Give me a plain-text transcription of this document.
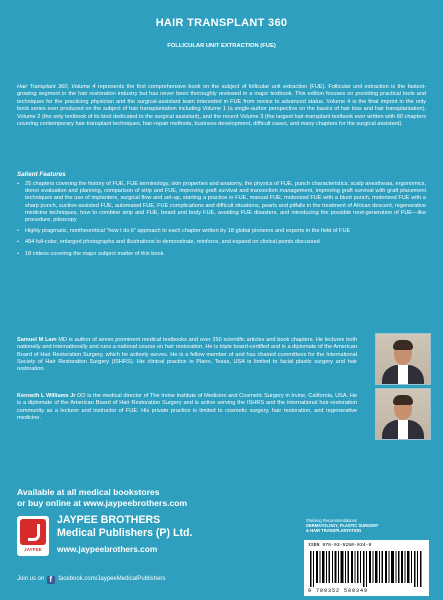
HAIR TRANSPLANT 360
FOLLICULAR UNIT EXTRACTION (FUE)
Hair Transplant 360, Volume 4 represents the first comprehensive book on the subject of follicular unit extraction (FUE). Follicular unit extraction is the fastest-growing segment in the hair restoration industry but has never been thoroughly reviewed in a major textbook. This edition focuses on providing practical tools and techniques for the practicing physician and the surgical-assistant team interested in FUE from novice to advanced status. Volume 4 is the final imprint in the only book series ever produced on the subject of hair transplantation including Volume 1 (a single-author perspective on the basics of hair loss and hair transplantation), Volume 2 (the only textbook of its kind dedicated to the surgical assistant), and the recent Volume 3 (the largest hair-transplant textbook ever written with 80 chapters covering contemporary hair-transplant techniques, hair-repair methods, business development, difficult cases, and many chapters for the surgical assistant).
Salient Features
• 25 chapters covering the history of FUE, FUE terminology, skin properties and anatomy, the physics of FUE, punch characteristics, scalp anesthesia, ergonomics, donor evaluation and planning, comparison of strip and FUE, improving graft survival and transection management, improving graft survival with graft placement techniques and the use of implanters, surgical flow and set-up, starting a practice in FUE, manual FUE, motorized FUE with a blunt punch, motorized FUE with a sharp punch, suction-assisted FUE, automated FUE, FUE complications and difficult situations, pearls and pitfalls in the treatment of African descent, regenerative medicine techniques, how to combine strip and FUE, beard and body FUE, avoiding FUE disasters, and introducing the possible next-generation of FUE—like procedure, piloscopy
• Highly pragmatic, nontheoretical “how I do it” approach to each chapter written by 18 global pioneers and experts in the field of FUE
• 484 full-color, enlarged photographs and illustrations to demonstrate, reinforce, and expand on clinical points discussed
• 18 videos covering the major subject matter of this book.
Samuel M Lam MD is author of seven prominent medical textbooks and over 250 scientific articles and book chapters. He lectures both nationally and internationally and runs a national course on hair restoration. He is triple board-certified and is a diplomate of the American Board of Hair Restoration Surgery, which he actively serves. He is a fellow member of and has chaired committees for the International Society of Hair Restoration Surgery (ISHRS). His clinical practice in Plano, Texas, USA is limited to facial plastic surgery and hair restoration.
Kenneth L Williams Jr DO is the medical director of The Irvine Institute of Medicine and Cosmetic Surgery in Irvine, California, USA. He is a diplomate of the American Board of Hair Restoration Surgery and is active serving the ISHRS and the international hair-restoration community as a lecturer and instructor of FUE. His private practice is limited to cosmetic surgery, hair restoration, and regenerative medicine.
Available at all medical bookstores
or buy online at www.jaypeebrothers.com
JAYPEE
JAYPEE BROTHERS
Medical Publishers (P) Ltd.
www.jaypeebrothers.com
Join us on
f facebook.com/JaypeeMedicalPublishers
Shelving Recommendations
DERMATOLOGY, PLASTIC SURGERY
& HAIR TRANSPLANTATION
ISBN 978-93-5250-034-9
9 789352 500349
